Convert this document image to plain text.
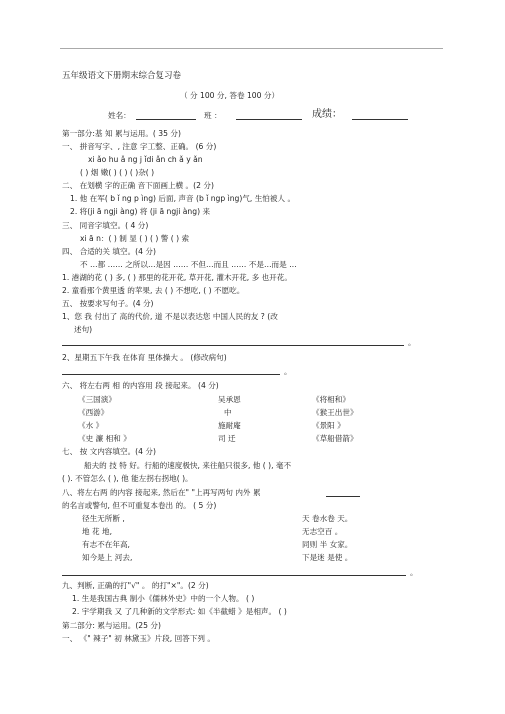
五年级语文下册期末综合复习卷
（ 分 100 分, 答卷 100 分）
姓名：	班 ：	成绩：
第一部分:基 知 累与运用。( 35 分)
一、 拼音写字、, 注意 字工整、正确。 (6 分)
xi ǎo hu ǎ ng j ǐdi ǎn ch ǎ y ǎn
( ) 烟 嫩( ) ( ) ( )杂( )
二、 在划横 字的正确 音下面画上横 。(2 分)
1. 他 在军( b ǐ ng p ìng) 后面, 声音 (b ǐ ngp ìng)气, 生怕被人 。
2. 将(ji ā ngji àng) 将 (ji ā ngji àng) 来
三、 同音字填空。( 4 分)
xi ā n：( ) 制 显 ( ) ( ) 警 ( ) 索
四、 合适的关 填空。(4 分)
不 …都 …… 之所以…是因 …… 不但…而且 …… 不是…而是 …
1. 港湖的花 ( ) 多, ( ) 那里的花开花, 草开花, 灌木开花, 多 也开花。
2. 童看那个黄里透 的苹果, 去 ( ) 不想吃, ( ) 不愿吃。
五、 按要求写句子。(4 分)
1、您 我 付出了 高的代价, 道 不是以表达您 中国人民的友 ? (改
述句)
。
2、星期五下午我 在体育 里体操大 。 (修改病句)
。
六、 将左右两 相 的内容用 段 接起来。 (4 分)
《三国演》	吴承恩	《将相和》
《西游》	中	《猴王出世》
《水 》	施耐庵	《景阳 》
《史 濂 相和 》	司 迁	《草船借箭》
七、 按 文内容填空。(4 分)
船夫的 技 特 好。行船的速度极快, 来往船只很多, 他 ( ), 毫不
( ). 不管怎么 ( ), 他 能左拐右拐地( )。
八、将左右两 的内容 接起来, 然后在" "上再写两句 内外 累
的名言或警句, 但不可重复本卷出 的。 ( 5 分)
径生无所断 ,	天 卷水卷 天。
地 花 地,	无志空百 。
有志不在年高,	同则 半 女家。
知今是上 河去,	下是迷 是使 。
。
九、判断, 正确的打"√" 。 的打"×"。(2 分)
1. 生是我国古典 制小《儒林外史》中的一个人物。 ( )
2. 宇学期我 又 了几种新的文学形式: 如《半截蜡 》是相声。 ( )
第二部分: 累与运用。(25 分)
一、 《" 辣子" 初 林黛玉》片段, 回答下列 。
